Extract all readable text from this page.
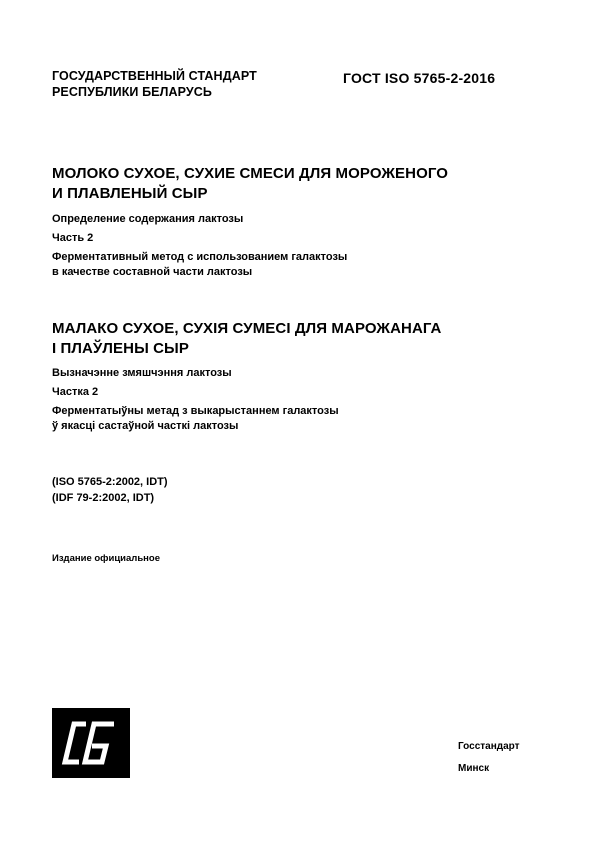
ГОСУДАРСТВЕННЫЙ СТАНДАРТ
РЕСПУБЛИКИ БЕЛАРУСЬ
ГОСТ ISO 5765-2-2016
МОЛОКО СУХОЕ, СУХИЕ СМЕСИ ДЛЯ МОРОЖЕНОГО
И ПЛАВЛЕНЫЙ СЫР
Определение содержания лактозы
Часть 2
Ферментативный метод с использованием галактозы
в качестве составной части лактозы
МАЛАКО СУХОЕ, СУХІЯ СУМЕСІ ДЛЯ МАРОЖАНАГА
І ПЛАЎЛЕНЫ СЫР
Вызначэнне змяшчэння лактозы
Частка 2
Ферментатыўны метад з выкарыстаннем галактозы
ў якасці састаўной часткі лактозы
(ISO 5765-2:2002, IDT)
(IDF 79-2:2002, IDT)
Издание официальное
Госстандарт
Минск
